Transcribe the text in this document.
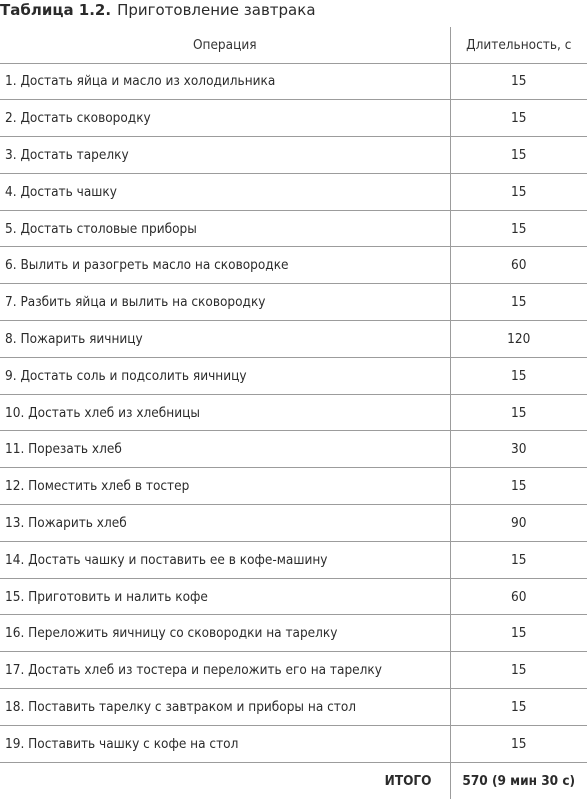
Таблица 1.2. Приготовление завтрака
Операция	Длительность, с
1. Достать яйца и масло из холодильника	15
2. Достать сковородку	15
3. Достать тарелку	15
4. Достать чашку	15
5. Достать столовые приборы	15
6. Вылить и разогреть масло на сковородке	60
7. Разбить яйца и вылить на сковородку	15
8. Пожарить яичницу	120
9. Достать соль и подсолить яичницу	15
10. Достать хлеб из хлебницы	15
11. Порезать хлеб	30
12. Поместить хлеб в тостер	15
13. Пожарить хлеб	90
14. Достать чашку и поставить ее в кофе-машину	15
15. Приготовить и налить кофе	60
16. Переложить яичницу со сковородки на тарелку	15
17. Достать хлеб из тостера и переложить его на тарелку	15
18. Поставить тарелку с завтраком и приборы на стол	15
19. Поставить чашку с кофе на стол	15
ИТОГО	570 (9 мин 30 с)
